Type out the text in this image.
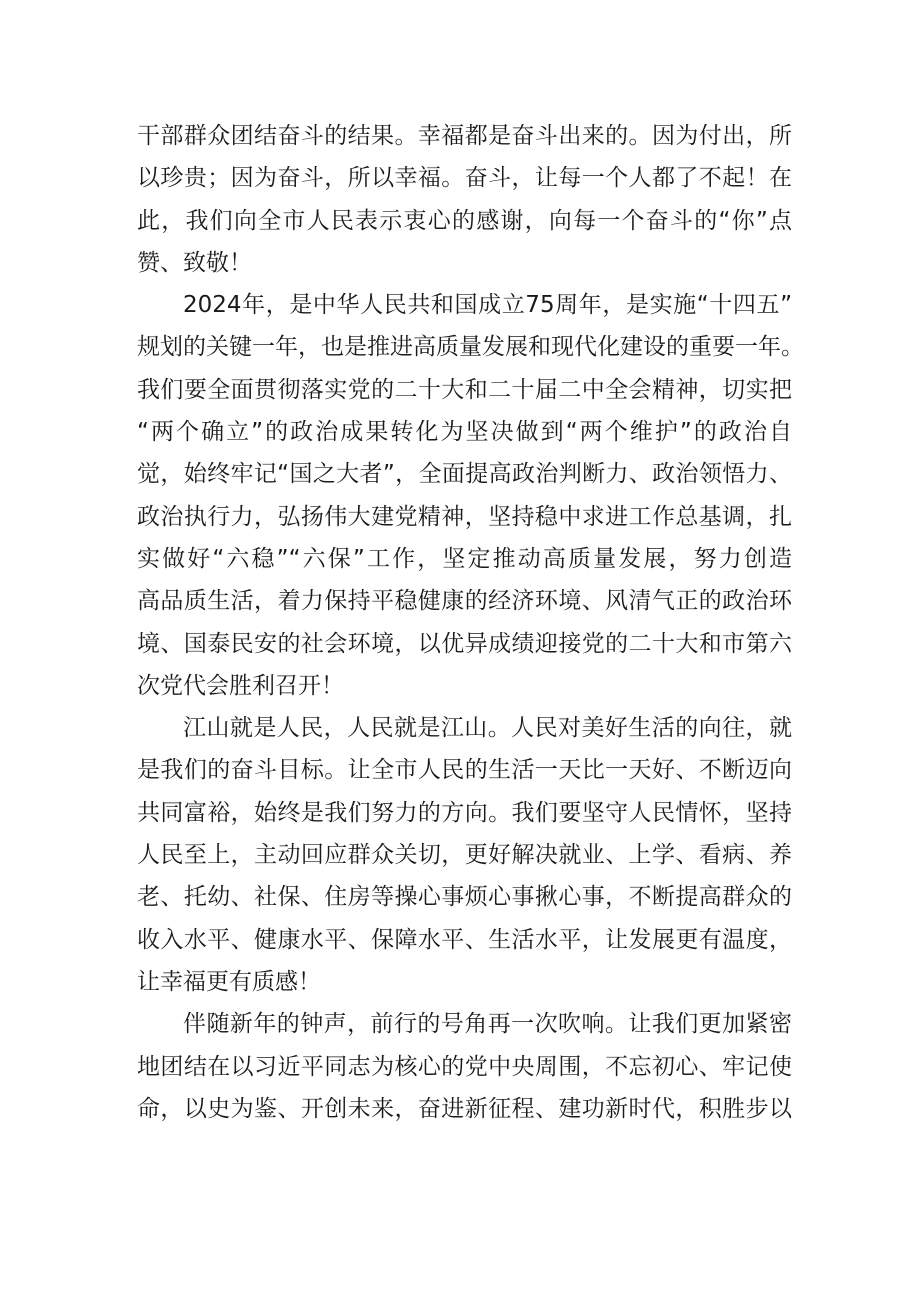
干部群众团结奋斗的结果。幸福都是奋斗出来的。因为付出，所
以珍贵；因为奋斗，所以幸福。奋斗，让每一个人都了不起！在
此，我们向全市人民表示衷心的感谢，向每一个奋斗的“你”点
赞、致敬！
2024年，是中华人民共和国成立75周年，是实施“十四五”
规划的关键一年，也是推进高质量发展和现代化建设的重要一年。
我们要全面贯彻落实党的二十大和二十届二中全会精神，切实把
“两个确立”的政治成果转化为坚决做到“两个维护”的政治自
觉，始终牢记“国之大者”，全面提高政治判断力、政治领悟力、
政治执行力，弘扬伟大建党精神，坚持稳中求进工作总基调，扎
实做好“六稳”“六保”工作，坚定推动高质量发展，努力创造
高品质生活，着力保持平稳健康的经济环境、风清气正的政治环
境、国泰民安的社会环境，以优异成绩迎接党的二十大和市第六
次党代会胜利召开！
江山就是人民，人民就是江山。人民对美好生活的向往，就
是我们的奋斗目标。让全市人民的生活一天比一天好、不断迈向
共同富裕，始终是我们努力的方向。我们要坚守人民情怀，坚持
人民至上，主动回应群众关切，更好解决就业、上学、看病、养
老、托幼、社保、住房等操心事烦心事揪心事，不断提高群众的
收入水平、健康水平、保障水平、生活水平，让发展更有温度，
让幸福更有质感！
伴随新年的钟声，前行的号角再一次吹响。让我们更加紧密
地团结在以习近平同志为核心的党中央周围，不忘初心、牢记使
命，以史为鉴、开创未来，奋进新征程、建功新时代，积胜步以
